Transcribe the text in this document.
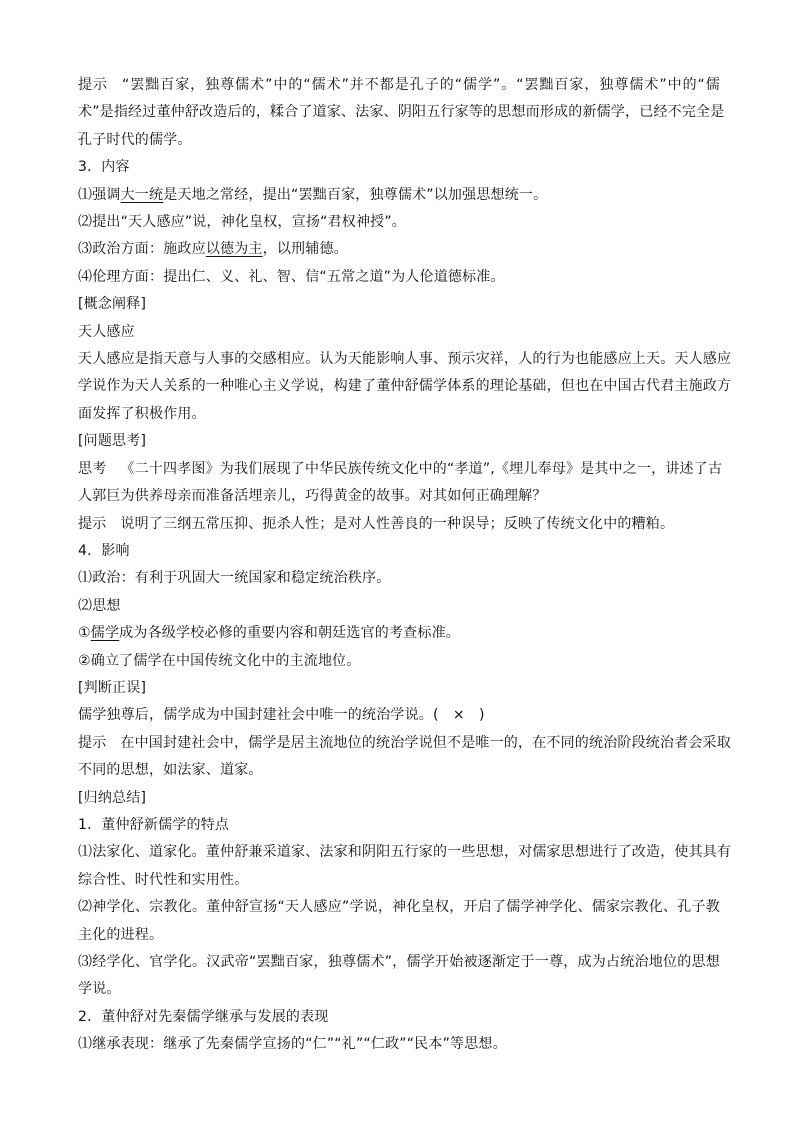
提示 “罢黜百家，独尊儒术”中的“儒术”并不都是孔子的“儒学”。“罢黜百家，独尊儒术”中的“儒
术”是指经过董仲舒改造后的，糅合了道家、法家、阴阳五行家等的思想而形成的新儒学，已经不完全是
孔子时代的儒学。
3．内容
⑴强调大一统是天地之常经，提出“罢黜百家，独尊儒术”以加强思想统一。
⑵提出“天人感应”说，神化皇权，宣扬“君权神授”。
⑶政治方面：施政应以德为主，以刑辅德。
⑷伦理方面：提出仁、义、礼、智、信“五常之道”为人伦道德标准。
[概念阐释]
天人感应
天人感应是指天意与人事的交感相应。认为天能影响人事、预示灾祥，人的行为也能感应上天。天人感应
学说作为天人关系的一种唯心主义学说，构建了董仲舒儒学体系的理论基础，但也在中国古代君主施政方
面发挥了积极作用。
[问题思考]
思考 《二十四孝图》为我们展现了中华民族传统文化中的“孝道”,《埋儿奉母》是其中之一，讲述了古
人郭巨为供养母亲而准备活埋亲儿，巧得黄金的故事。对其如何正确理解？
提示 说明了三纲五常压抑、扼杀人性；是对人性善良的一种误导；反映了传统文化中的糟粕。
4．影响
⑴政治：有利于巩固大一统国家和稳定统治秩序。
⑵思想
①儒学成为各级学校必修的重要内容和朝廷选官的考查标准。
②确立了儒学在中国传统文化中的主流地位。
[判断正误]
儒学独尊后，儒学成为中国封建社会中唯一的统治学说。(　×　)
提示 在中国封建社会中，儒学是居主流地位的统治学说但不是唯一的，在不同的统治阶段统治者会采取
不同的思想，如法家、道家。
[归纳总结]
1．董仲舒新儒学的特点
⑴法家化、道家化。董仲舒兼采道家、法家和阴阳五行家的一些思想，对儒家思想进行了改造，使其具有
综合性、时代性和实用性。
⑵神学化、宗教化。董仲舒宣扬“天人感应”学说，神化皇权，开启了儒学神学化、儒家宗教化、孔子教
主化的进程。
⑶经学化、官学化。汉武帝“罢黜百家，独尊儒术”，儒学开始被逐渐定于一尊，成为占统治地位的思想
学说。
2．董仲舒对先秦儒学继承与发展的表现
⑴继承表现：继承了先秦儒学宣扬的“仁”“礼”“仁政”“民本”等思想。
